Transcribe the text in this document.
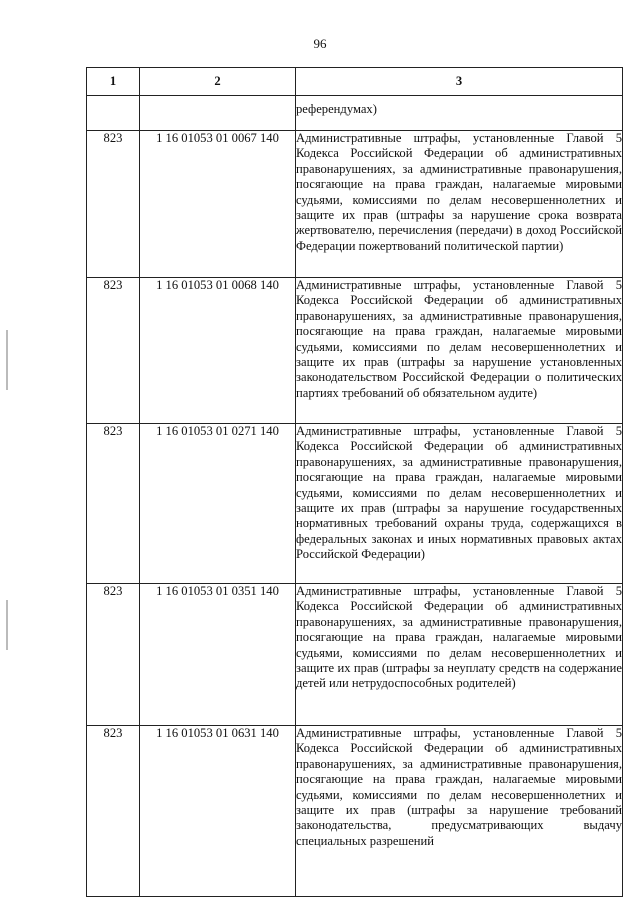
96
1	2	3
		референдумах)
823	1 16 01053 01 0067 140	Административные штрафы, установленные Главой 5 Кодекса Российской Федерации об административных правонарушениях, за административные правонарушения, посягающие на права граждан, налагаемые мировыми судьями, комиссиями по делам несовершеннолетних и защите их прав (штрафы за нарушение срока возврата жертвователю, перечисления (передачи) в доход Российской Федерации пожертвований политической партии)
823	1 16 01053 01 0068 140	Административные штрафы, установленные Главой 5 Кодекса Российской Федерации об административных правонарушениях, за административные правонарушения, посягающие на права граждан, налагаемые мировыми судьями, комиссиями по делам несовершеннолетних и защите их прав (штрафы за нарушение установленных законодательством Российской Федерации о политических партиях требований об обязательном аудите)
823	1 16 01053 01 0271 140	Административные штрафы, установленные Главой 5 Кодекса Российской Федерации об административных правонарушениях, за административные правонарушения, посягающие на права граждан, налагаемые мировыми судьями, комиссиями по делам несовершеннолетних и защите их прав (штрафы за нарушение государственных нормативных требований охраны труда, содержащихся в федеральных законах и иных нормативных правовых актах Российской Федерации)
823	1 16 01053 01 0351 140	Административные штрафы, установленные Главой 5 Кодекса Российской Федерации об административных правонарушениях, за административные правонарушения, посягающие на права граждан, налагаемые мировыми судьями, комиссиями по делам несовершеннолетних и защите их прав (штрафы за неуплату средств на содержание детей или нетрудоспособных родителей)
823	1 16 01053 01 0631 140	Административные штрафы, установленные Главой 5 Кодекса Российской Федерации об административных правонарушениях, за административные правонарушения, посягающие на права граждан, налагаемые мировыми судьями, комиссиями по делам несовершеннолетних и защите их прав (штрафы за нарушение требований законодательства, предусматривающих выдачу специальных разрешений
